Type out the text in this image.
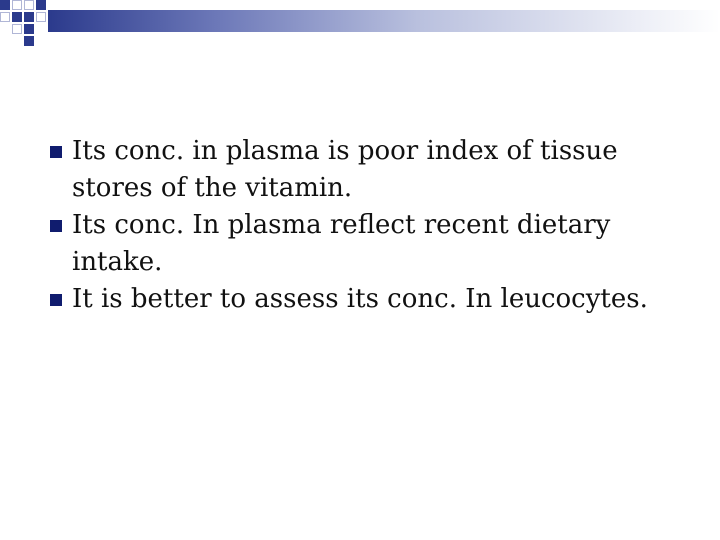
Its conc. in plasma is poor index of tissue stores of the vitamin.
Its conc. In plasma reflect recent dietary intake.
It is better to assess its conc. In leucocytes.
